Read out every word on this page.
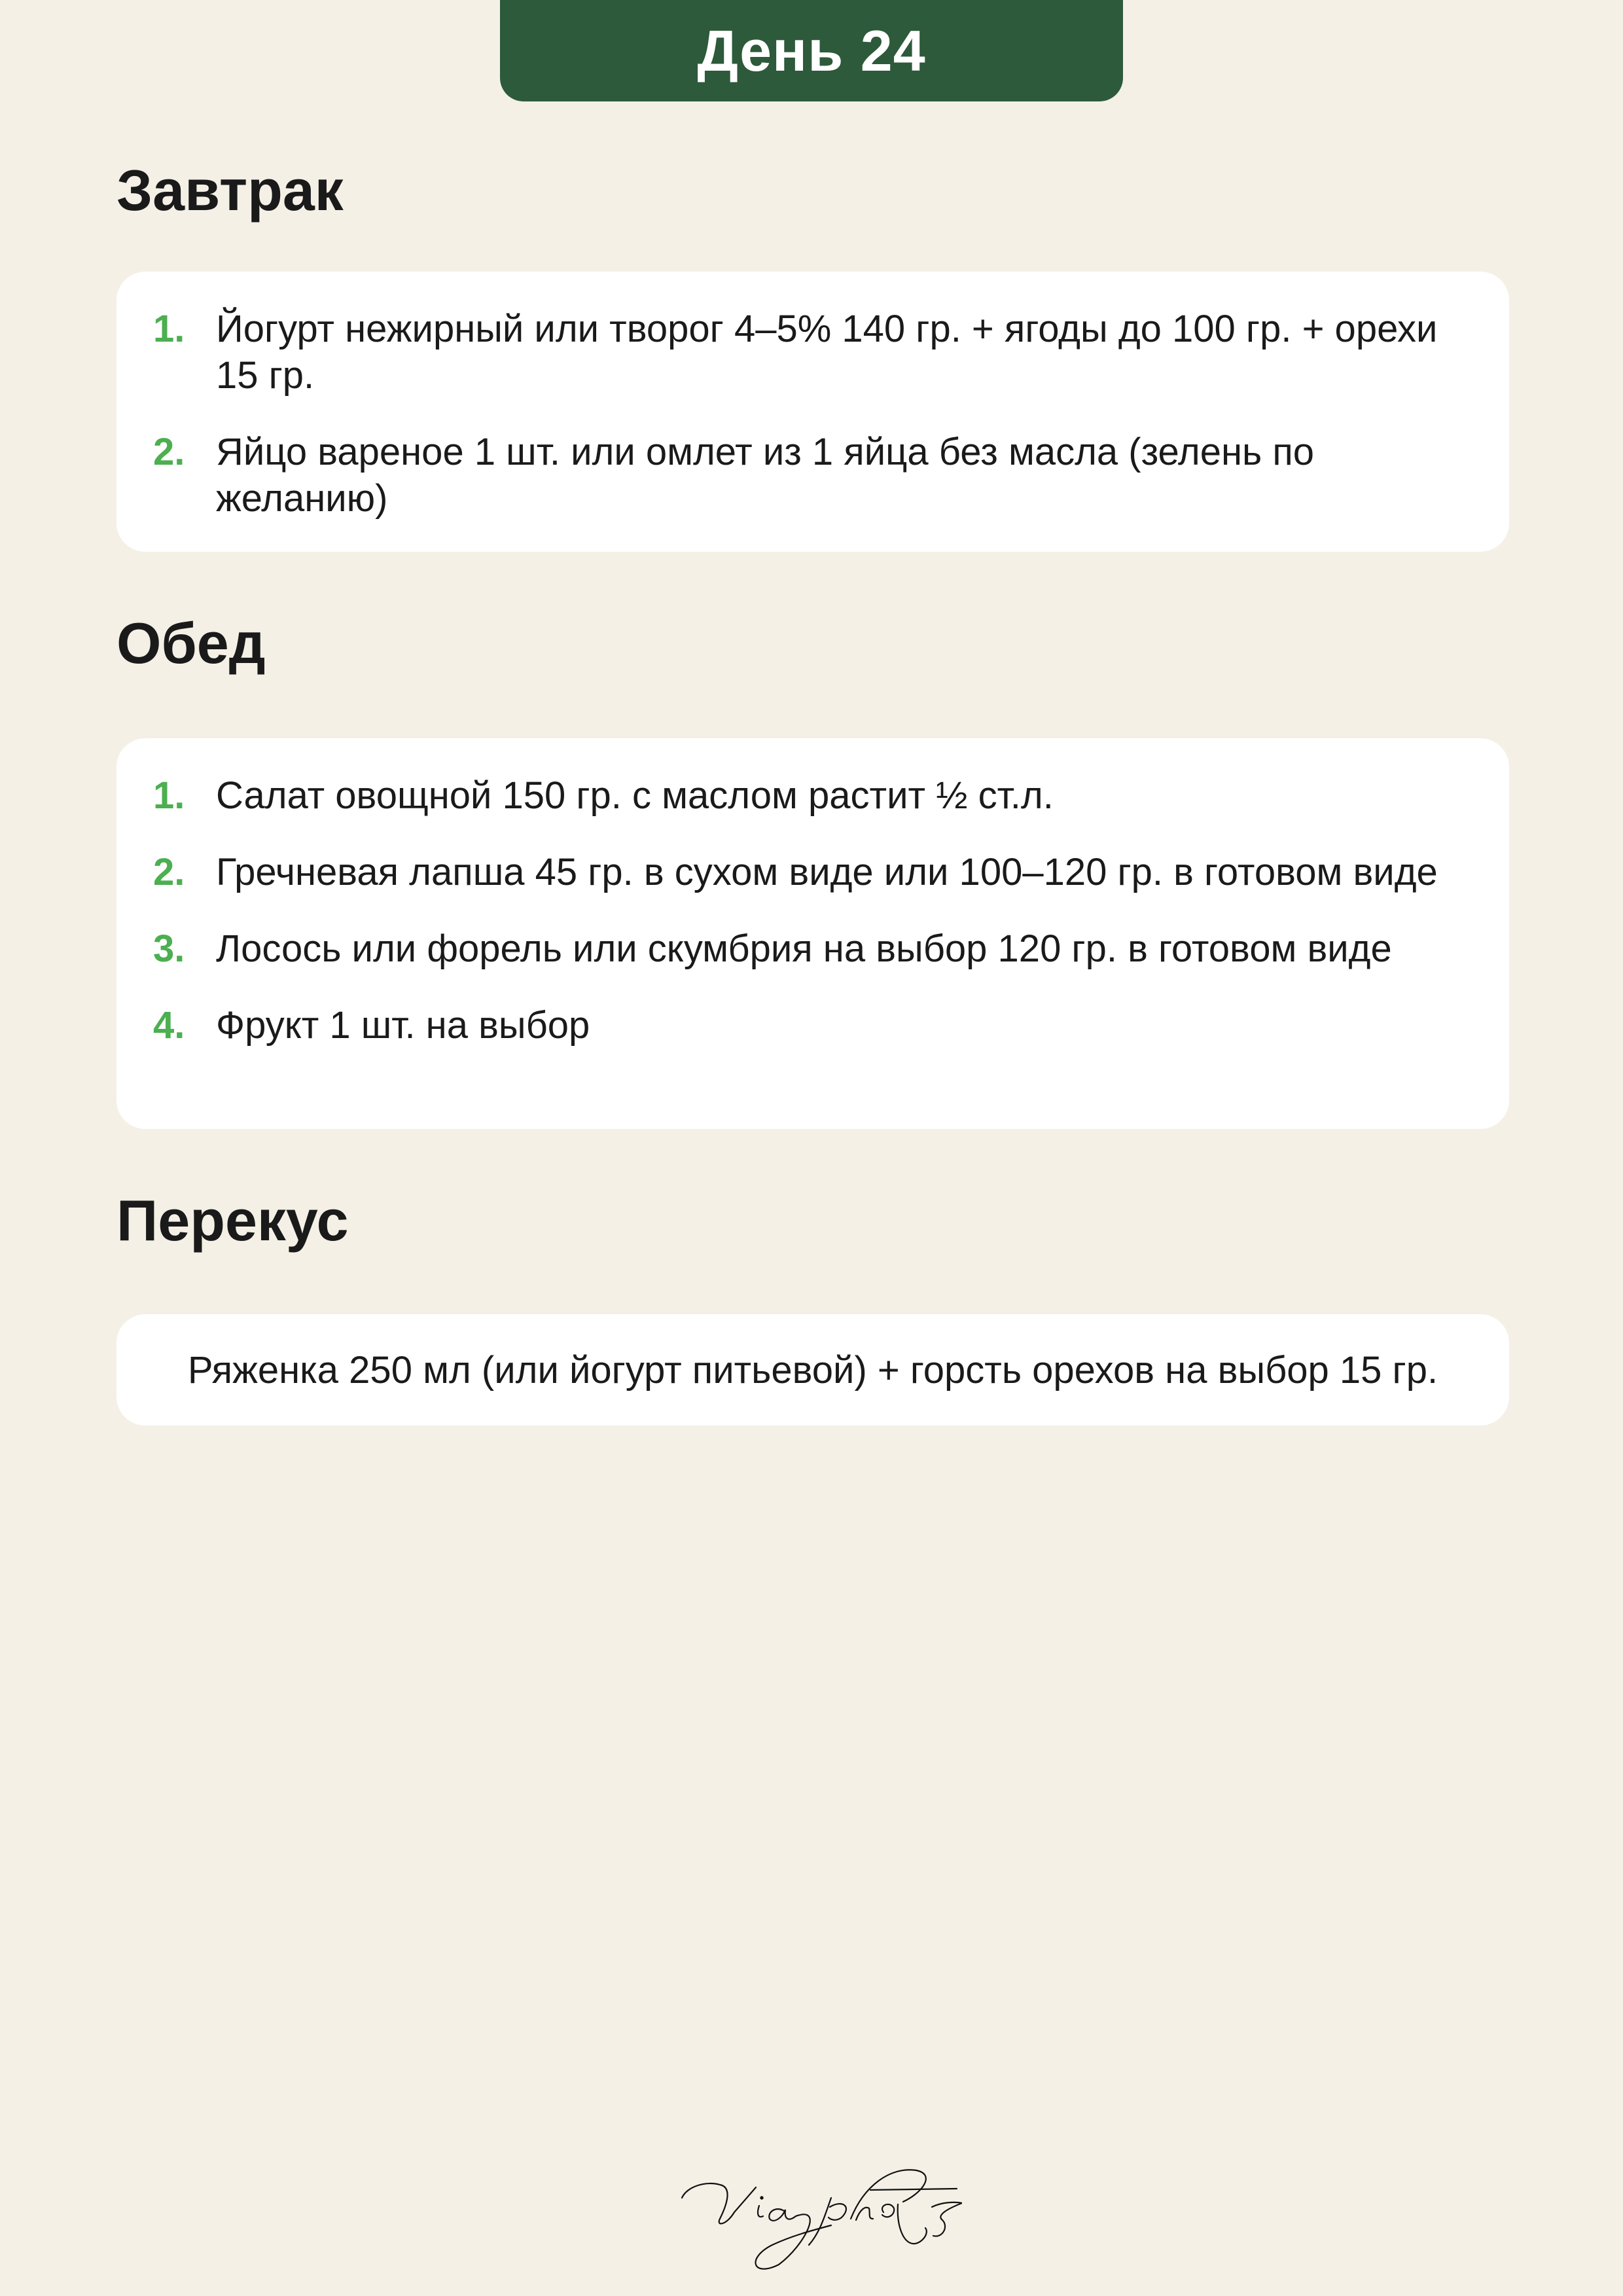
День 24
Завтрак
1. Йогурт нежирный или творог 4–5% 140 гр. + ягоды до 100 гр. + орехи 15 гр.
2. Яйцо вареное 1 шт. или омлет из 1 яйца без масла (зелень по желанию)
Обед
1. Салат овощной 150 гр. с маслом растит ½ ст.л.
2. Гречневая лапша 45 гр. в сухом виде или 100–120 гр. в готовом виде
3. Лосось или форель или скумбрия на выбор 120 гр. в готовом виде
4. Фрукт 1 шт. на выбор
Перекус
Ряженка 250 мл (или йогурт питьевой) + горсть орехов на выбор 15 гр.
